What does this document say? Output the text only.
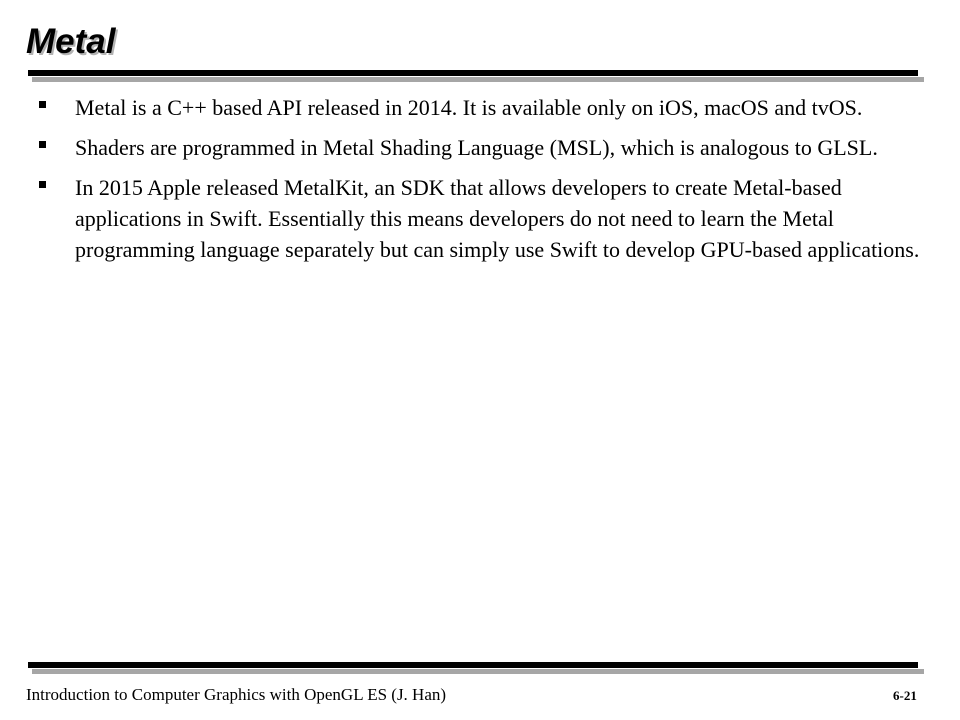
Metal
Metal is a C++ based API released in 2014. It is available only on iOS, macOS and tvOS.
Shaders are programmed in Metal Shading Language (MSL), which is analogous to GLSL.
In 2015 Apple released MetalKit, an SDK that allows developers to create Metal-based applications in Swift. Essentially this means developers do not need to learn the Metal programming language separately but can simply use Swift to develop GPU-based applications.
Introduction to Computer Graphics with OpenGL ES (J. Han)	6-21
